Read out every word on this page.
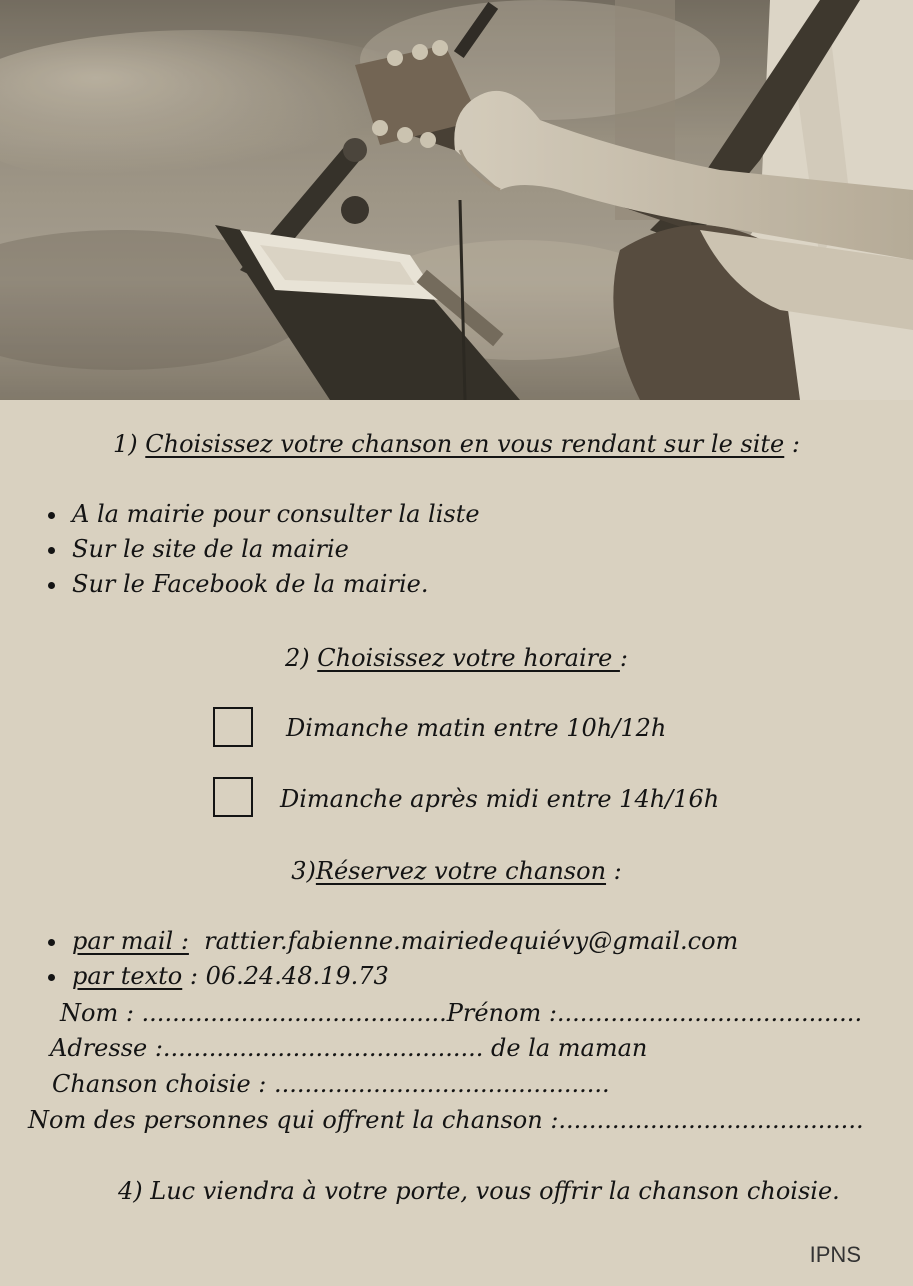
1) Choisissez votre chanson en vous rendant sur le site :
A la mairie pour consulter la liste
Sur le site de la mairie
Sur le Facebook de la mairie.
2) Choisissez votre horaire :
Dimanche matin entre 10h/12h
Dimanche après midi entre 14h/16h
3)Réservez votre chanson :
par mail :  rattier.fabienne.mairiedequiévy@gmail.com
par texto : 06.24.48.19.73
Nom : ........................................Prénom :........................................
Adresse :.......................................... de la maman
Chanson choisie : ............................................
Nom des personnes qui offrent la chanson :........................................
4) Luc viendra à votre porte, vous offrir la chanson choisie.
IPNS
